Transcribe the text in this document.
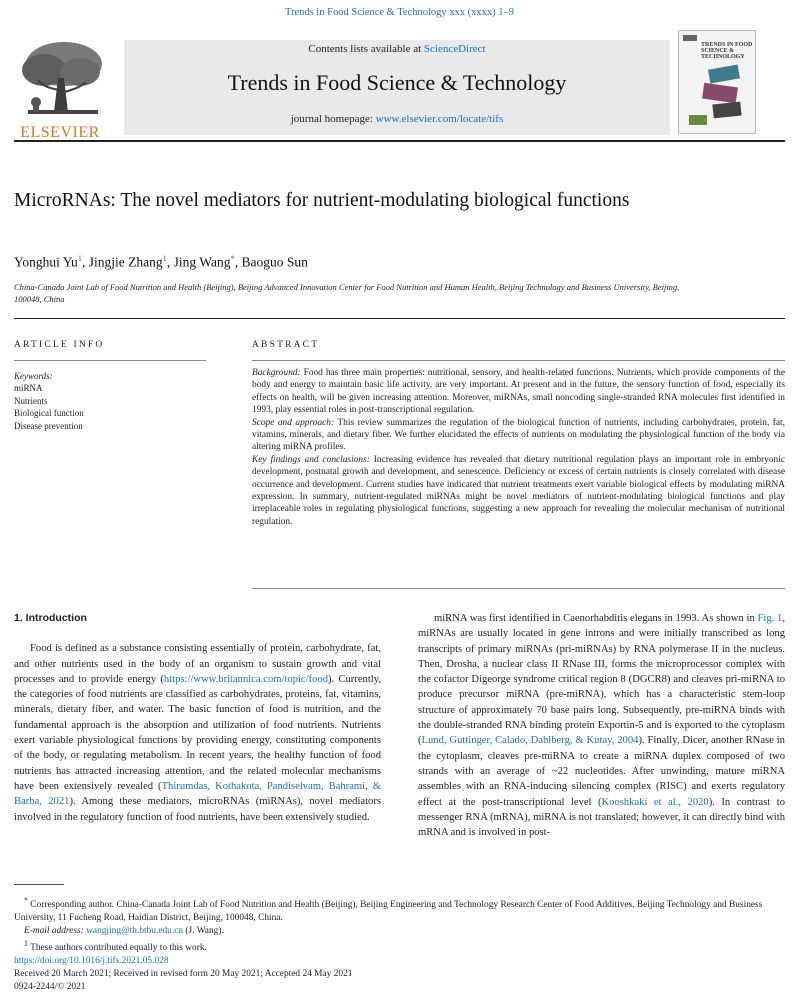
Trends in Food Science & Technology xxx (xxxx) 1–9
ELSEVIER
Contents lists available at ScienceDirect
Trends in Food Science & Technology
journal homepage: www.elsevier.com/locate/tifs
TRENDS IN FOOD SCIENCE & TECHNOLOGY
MicroRNAs: The novel mediators for nutrient-modulating biological functions
Yonghui Yu$^1$, Jingjie Zhang$^1$, Jing Wang*, Baoguo Sun
China-Canada Joint Lab of Food Nutrition and Health (Beijing), Beijing Advanced Innovation Center for Food Nutrition and Human Health, Beijing Technology and Business University, Beijing, 100048, China
ARTICLE INFO
Keywords:
miRNA
Nutrients
Biological function
Disease prevention
ABSTRACT

Background: Food has three main properties: nutritional, sensory, and health-related functions. Nutrients, which provide components of the body and energy to maintain basic life activity, are very important. At present and in the future, the sensory function of food, especially its effects on health, will be given increasing attention. Moreover, miRNAs, small noncoding single-stranded RNA molecules first identified in 1993, play essential roles in post-transcriptional regulation.

Scope and approach: This review summarizes the regulation of the biological function of nutrients, including carbohydrates, protein, fat, vitamins, minerals, and dietary fiber. We further elucidated the effects of nutrients on modulating the physiological function of the body via altering miRNA profiles.

Key findings and conclusions: Increasing evidence has revealed that dietary nutritional regulation plays an important role in embryonic development, postnatal growth and development, and senescence. Deficiency or excess of certain nutrients is closely correlated with disease occurrence and development. Current studies have indicated that nutrient treatments exert variable biological effects by modulating miRNA expression. In summary, nutrient-regulated miRNAs might be novel mediators of nutrient-modulating biological functions and play irreplaceable roles in regulating physiological functions, suggesting a new approach for revealing the molecular mechanism of nutritional regulation.

1. Introduction

Food is defined as a substance consisting essentially of protein, carbohydrate, fat, and other nutrients used in the body of an organism to sustain growth and vital processes and to provide energy (https://www.britannica.com/topic/food). Currently, the categories of food nutrients are classified as carbohydrates, proteins, fat, vitamins, minerals, dietary fiber, and water. The basic function of food is nutrition, and the fundamental approach is the absorption and utilization of food nutrients. Nutrients exert variable physiological functions by providing energy, constituting components of the body, or regulating metabolism. In recent years, the healthy function of food nutrients has attracted increasing attention, and the related molecular mechanisms have been extensively revealed (Thirumdas, Kothakota, Pandiselvam, Bahrami, & Barba, 2021). Among these mediators, microRNAs (miRNAs), novel mediators involved in the regulatory function of food nutrients, have been extensively studied.

miRNA was first identified in Caenorhabditis elegans in 1993. As shown in Fig. 1, miRNAs are usually located in gene introns and were initially transcribed as long transcripts of primary miRNAs (pri-miRNAs) by RNA polymerase II in the nucleus. Then, Drosha, a nuclear class II RNase III, forms the microprocessor complex with the cofactor Digeorge syndrome critical region 8 (DGCR8) and cleaves pri-miRNA to produce precursor miRNA (pre-miRNA), which has a characteristic stem-loop structure of approximately 70 base pairs long. Subsequently, pre-miRNA binds with the double-stranded RNA binding protein Exportin-5 and is exported to the cytoplasm (Lund, Guttinger, Calado, Dahlberg, & Kutay, 2004). Finally, Dicer, another RNase in the cytoplasm, cleaves pre-miRNA to create a miRNA duplex composed of two strands with an average of ~22 nucleotides. After unwinding, mature miRNA assembles with an RNA-inducing silencing complex (RISC) and exerts regulatory effect at the post-transcriptional level (Kooshkaki et al., 2020). In contrast to messenger RNA (mRNA), miRNA is not translated; however, it can directly bind with mRNA and is involved in post-

* Corresponding author. China-Canada Joint Lab of Food Nutrition and Health (Beijing), Beijing Engineering and Technology Research Center of Food Additives, Beijing Technology and Business University, 11 Fucheng Road, Haidian District, Beijing, 100048, China.

E-mail address: wangjing@th.btbu.edu.cn (J. Wang).

$^1$ These authors contributed equally to this work.

https://doi.org/10.1016/j.tifs.2021.05.028
Received 20 March 2021; Received in revised form 20 May 2021; Accepted 24 May 2021
0924-2244/© 2021
